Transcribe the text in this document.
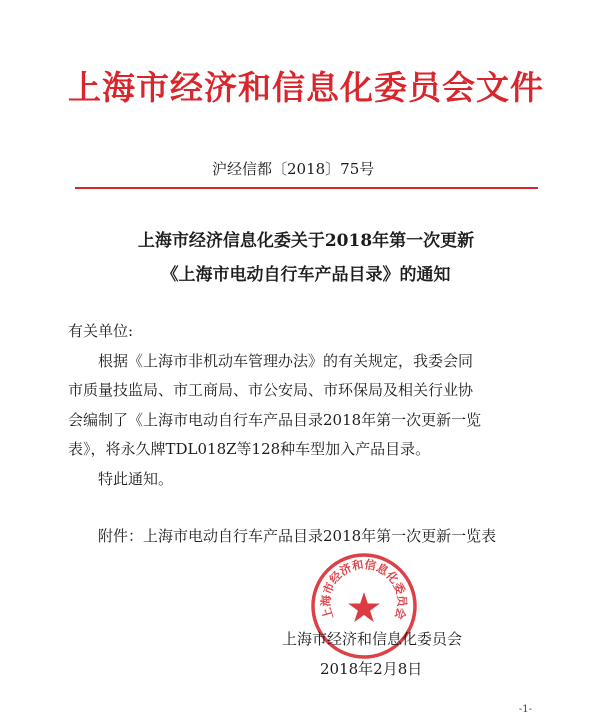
上海市经济和信息化委员会文件
沪经信都〔2018〕75号
上海市经济信息化委关于2018年第一次更新
《上海市电动自行车产品目录》的通知
有关单位:
根据《上海市非机动车管理办法》的有关规定，我委会同
市质量技监局、市工商局、市公安局、市环保局及相关行业协
会编制了《上海市电动自行车产品目录2018年第一次更新一览
表》，将永久牌TDL018Z等128种车型加入产品目录。
特此通知。
附件：上海市电动自行车产品目录2018年第一次更新一览表
上海市经济和信息化委员会
上海市经济和信息化委员会
2018年2月8日
-1-
